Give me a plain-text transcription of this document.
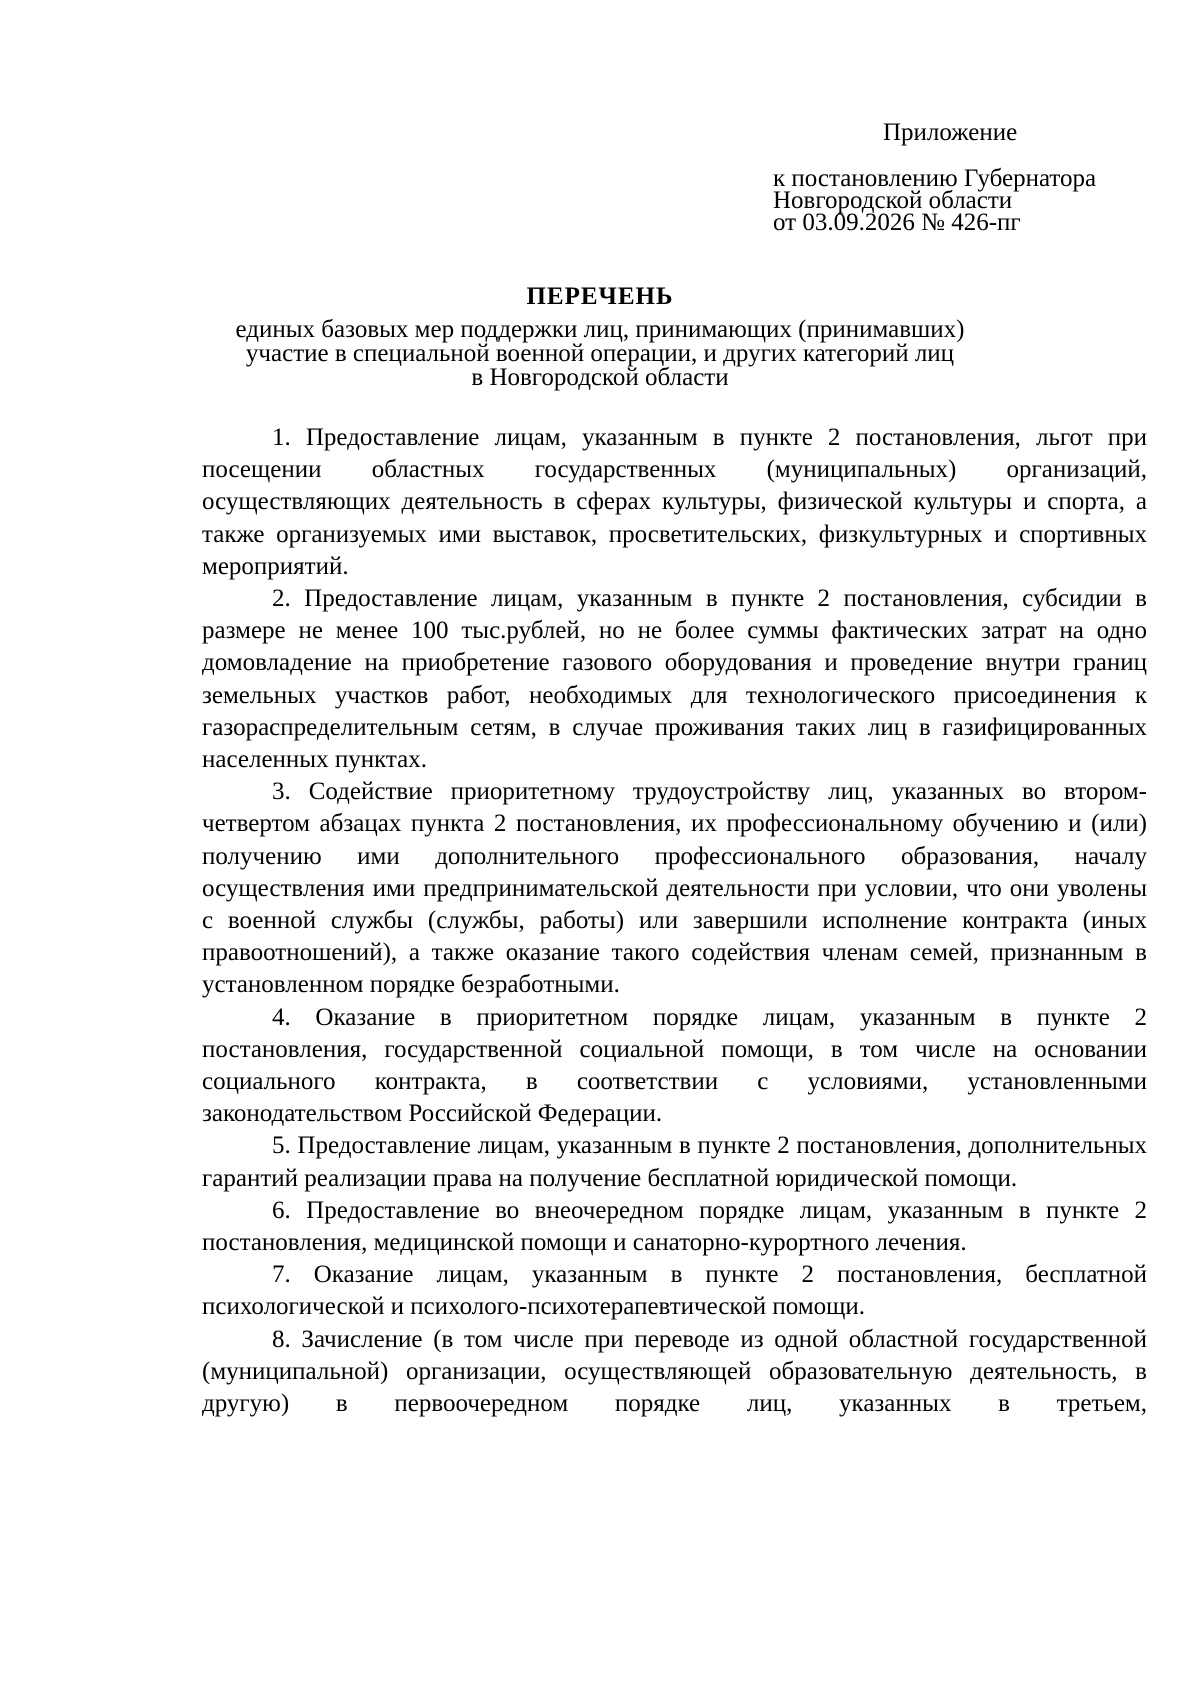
Приложение
к постановлению Губернатора
Новгородской области
от 03.09.2026 № 426-пг
ПЕРЕЧЕНЬ
единых базовых мер поддержки лиц, принимающих (принимавших)
участие в специальной военной операции, и других категорий лиц
в Новгородской области

1. Предоставление лицам, указанным в пункте 2 постановления, льгот при посещении областных государственных (муниципальных) организаций, осуществляющих деятельность в сферах культуры, физической культуры и спорта, а также организуемых ими выставок, просветительских, физкультурных и спортивных мероприятий.

2. Предоставление лицам, указанным в пункте 2 постановления, субсидии в размере не менее 100 тыс.рублей, но не более суммы фактических затрат на одно домовладение на приобретение газового оборудования и проведение внутри границ земельных участков работ, необходимых для технологического присоединения к газораспределительным сетям, в случае проживания таких лиц в газифицированных населенных пунктах.

3. Содействие приоритетному трудоустройству лиц, указанных во втором-четвертом абзацах пункта 2 постановления, их профессиональному обучению и (или) получению ими дополнительного профессионального образования, началу осуществления ими предпринимательской деятельности при условии, что они уволены с военной службы (службы, работы) или завершили исполнение контракта (иных правоотношений), а также оказание такого содействия членам семей, признанным в установленном порядке безработными.

4. Оказание в приоритетном порядке лицам, указанным в пункте 2 постановления, государственной социальной помощи, в том числе на основании социального контракта, в соответствии с условиями, установленными законодательством Российской Федерации.

5. Предоставление лицам, указанным в пункте 2 постановления, дополнительных гарантий реализации права на получение бесплатной юридической помощи.

6. Предоставление во внеочередном порядке лицам, указанным в пункте 2 постановления, медицинской помощи и санаторно-курортного лечения.

7. Оказание лицам, указанным в пункте 2 постановления, бесплатной психологической и психолого-психотерапевтической помощи.

8. Зачисление (в том числе при переводе из одной областной государственной (муниципальной) организации, осуществляющей образовательную деятельность, в другую) в первоочередном порядке лиц, указанных в третьем,
